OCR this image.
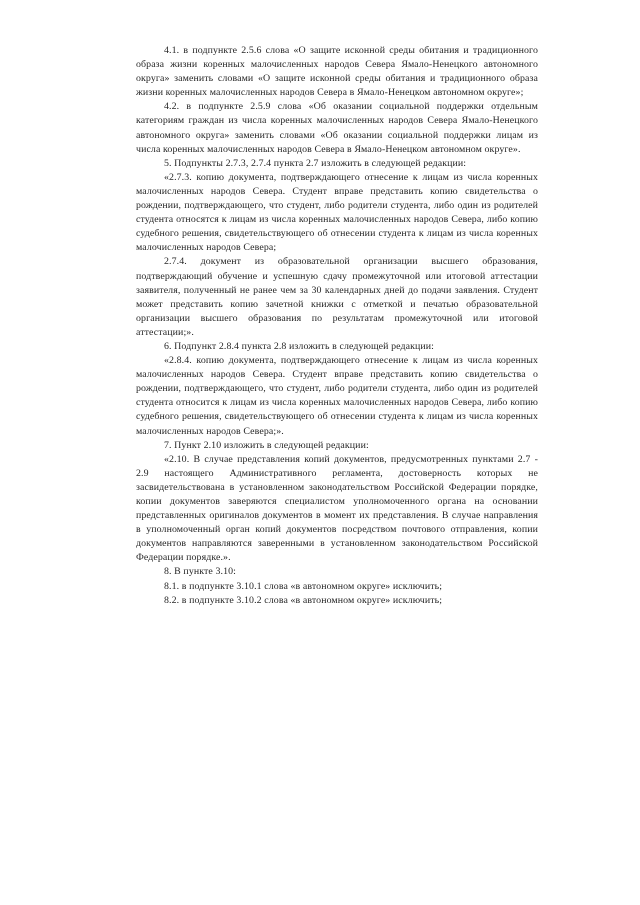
4.1. в подпункте 2.5.6 слова «О защите исконной среды обитания и традиционного образа жизни коренных малочисленных народов Севера Ямало-Ненецкого автономного округа» заменить словами «О защите исконной среды обитания и традиционного образа жизни коренных малочисленных народов Севера в Ямало-Ненецком автономном округе»;

4.2. в подпункте 2.5.9 слова «Об оказании социальной поддержки отдельным категориям граждан из числа коренных малочисленных народов Севера Ямало-Ненецкого автономного округа» заменить словами «Об оказании социальной поддержки лицам из числа коренных малочисленных народов Севера в Ямало-Ненецком автономном округе».

5. Подпункты 2.7.3, 2.7.4 пункта 2.7 изложить в следующей редакции:

«2.7.3. копию документа, подтверждающего отнесение к лицам из числа коренных малочисленных народов Севера. Студент вправе представить копию свидетельства о рождении, подтверждающего, что студент, либо родители студента, либо один из родителей студента относятся к лицам из числа коренных малочисленных народов Севера, либо копию судебного решения, свидетельствующего об отнесении студента к лицам из числа коренных малочисленных народов Севера;

2.7.4. документ из образовательной организации высшего образования, подтверждающий обучение и успешную сдачу промежуточной или итоговой аттестации заявителя, полученный не ранее чем за 30 календарных дней до подачи заявления. Студент может представить копию зачетной книжки с отметкой и печатью образовательной организации высшего образования по результатам промежуточной или итоговой аттестации;».

6. Подпункт 2.8.4 пункта 2.8 изложить в следующей редакции:

«2.8.4. копию документа, подтверждающего отнесение к лицам из числа коренных малочисленных народов Севера. Студент вправе представить копию свидетельства о рождении, подтверждающего, что студент, либо родители студента, либо один из родителей студента относится к лицам из числа коренных малочисленных народов Севера, либо копию судебного решения, свидетельствующего об отнесении студента к лицам из числа коренных малочисленных народов Севера;».

7. Пункт 2.10 изложить в следующей редакции:

«2.10. В случае представления копий документов, предусмотренных пунктами 2.7 - 2.9 настоящего Административного регламента, достоверность которых не засвидетельствована в установленном законодательством Российской Федерации порядке, копии документов заверяются специалистом уполномоченного органа на основании представленных оригиналов документов в момент их представления. В случае направления в уполномоченный орган копий документов посредством почтового отправления, копии документов направляются заверенными в установленном законодательством Российской Федерации порядке.».

8. В пункте 3.10:

8.1. в подпункте 3.10.1 слова «в автономном округе» исключить;

8.2. в подпункте 3.10.2 слова «в автономном округе» исключить;
